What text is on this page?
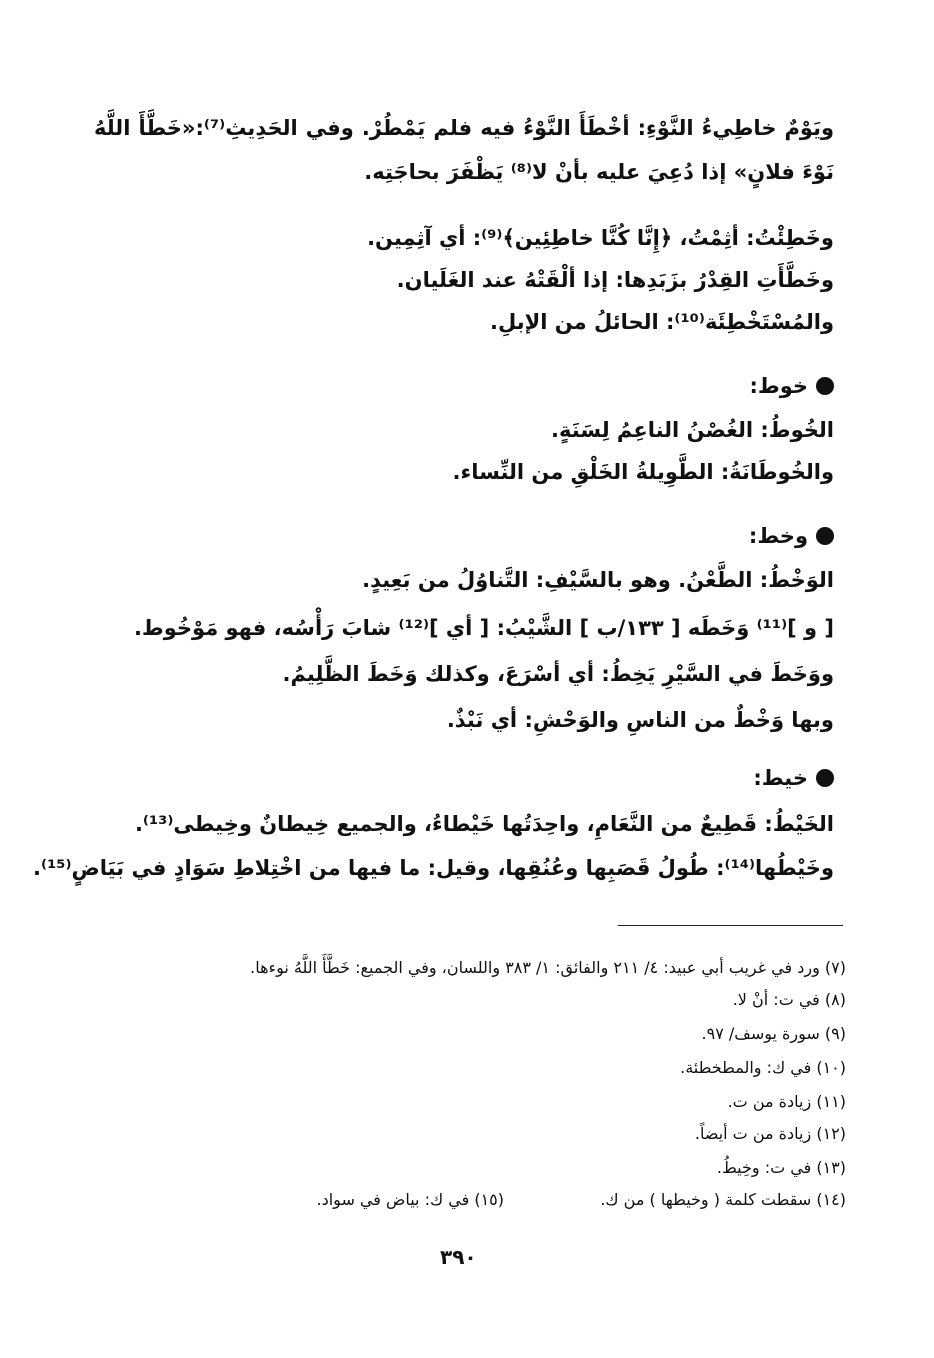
ويَوْمٌ خاطِيءُ النَّوْءِ: أخْطَأَ النَّوْءُ فيه فلم يَمْطُرْ. وفي الحَدِيثِ⁽⁷⁾:«خَطَّأَ اللَّهُ نَوْءَ فلانٍ» إذا دُعِيَ عليه بأنْ لا⁽⁸⁾ يَظْفَرَ بحاجَتِه.
وخَطِئْتُ: أثِمْتُ، ﴿إِنَّا كُنَّا خاطِئِين﴾⁽⁹⁾: أي آثِمِين.
وخَطَّأَتِ القِدْرُ بزَبَدِها: إذا ألْقَتْهُ عند الغَلَيان.
والمُسْتَخْطِئَة⁽¹⁰⁾: الحائلُ من الإبلِ.
خوط:
الخُوطُ: الغُصْنُ الناعِمُ لِسَنَةٍ.
والخُوطَانَةُ: الطَّوِيلةُ الخَلْقِ من النِّساء.
وخط:
الوَخْطُ: الطَّعْنُ. وهو بالسَّيْفِ: التَّناوُلُ من بَعِيدٍ.
[ و ]⁽¹¹⁾ وَخَطَه [ ١٣٣/ب ] الشَّيْبُ: [ أي ]⁽¹²⁾ شابَ رَأْسُه، فهو مَوْخُوط.
ووَخَطَ في السَّيْرِ يَخِطُ: أي أسْرَعَ، وكذلك وَخَطَ الظَّلِيمُ.
وبها وَخْطٌ من الناسِ والوَحْشِ: أي نَبْذٌ.
خيط:
الخَيْطُ: قَطِيعٌ من النَّعَامِ، واحِدَتُها خَيْطاءُ، والجميع خِيطانٌ وخِيطى⁽¹³⁾.
وخَيْطُها⁽¹⁴⁾: طُولُ قَصَبِها وعُنُقِها، وقيل: ما فيها من اخْتِلاطِ سَوَادٍ في بَيَاضٍ⁽¹⁵⁾.
(٧) ورد في غريب أبي عبيد: ٤/ ٢١١ والفائق: ١/ ٣٨٣ واللسان، وفي الجميع: خَطَّأَ اللَّهُ نوءها.
(٨) في ت: أنْ لا.
(٩) سورة يوسف/ ٩٧.
(١٠) في ك: والمطخطئة.
(١١) زيادة من ت.
(١٢) زيادة من ت أيضاً.
(١٣) في ت: وخِيطُ.
(١٤) سقطت كلمة ( وخيطها ) من ك.
(١٥) في ك: بياض في سواد.
٣٩٠
